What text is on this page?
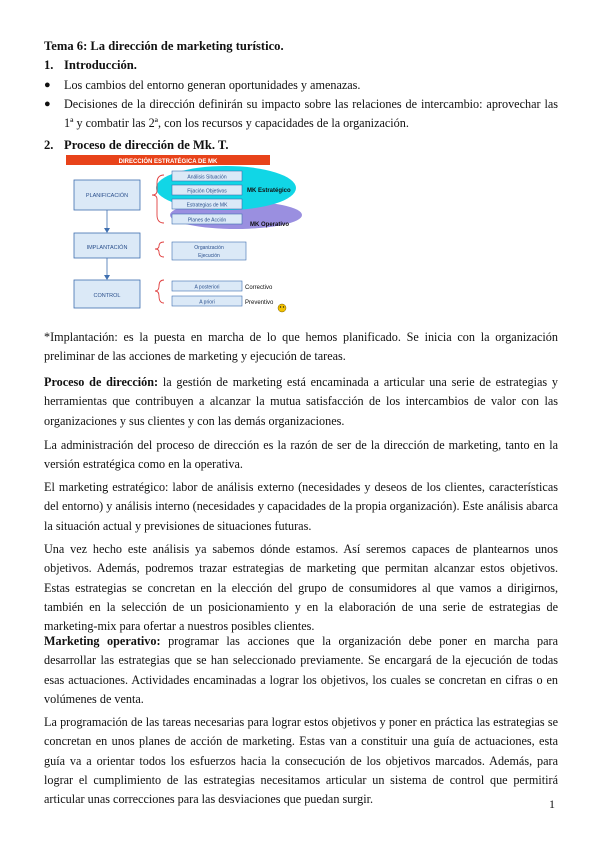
Tema 6: La dirección de marketing turístico.
1. Introducción.
● Los cambios del entorno generan oportunidades y amenazas.
● Decisiones de la dirección definirán su impacto sobre las relaciones de intercambio: aprovechar las 1ª y combatir las 2ª, con los recursos y capacidades de la organización.
2. Proceso de dirección de Mk. T.
DIRECCIÓN ESTRATÉGICA DE MK
PLANIFICACIÓN
IMPLANTACIÓN
CONTROL
Análisis Situación
Fijación Objetivos
Estrategias de MK
Planes de Acción
MK Estratégico
MK Operativo
Organización
Ejecución
A posteriori
A priori
Correctivo
Preventivo
*Implantación: es la puesta en marcha de lo que hemos planificado. Se inicia con la organización preliminar de las acciones de marketing y ejecución de tareas.
Proceso de dirección: la gestión de marketing está encaminada a articular una serie de estrategias y herramientas que contribuyen a alcanzar la mutua satisfacción de los intercambios de valor con las organizaciones y sus clientes y con las demás organizaciones.
La administración del proceso de dirección es la razón de ser de la dirección de marketing, tanto en la versión estratégica como en la operativa.
El marketing estratégico: labor de análisis externo (necesidades y deseos de los clientes, características del entorno) y análisis interno (necesidades y capacidades de la propia organización). Este análisis abarca la situación actual y previsiones de situaciones futuras.
Una vez hecho este análisis ya sabemos dónde estamos. Así seremos capaces de plantearnos unos objetivos. Además, podremos trazar estrategias de marketing que permitan alcanzar estos objetivos. Estas estrategias se concretan en la elección del grupo de consumidores al que vamos a dirigirnos, también en la selección de un posicionamiento y en la elaboración de una serie de estrategias de marketing-mix para ofertar a nuestros posibles clientes.
Marketing operativo: programar las acciones que la organización debe poner en marcha para desarrollar las estrategias que se han seleccionado previamente. Se encargará de la ejecución de todas esas actuaciones. Actividades encaminadas a lograr los objetivos, los cuales se concretan en cifras o en volúmenes de venta.
La programación de las tareas necesarias para lograr estos objetivos y poner en práctica las estrategias se concretan en unos planes de acción de marketing. Estas van a constituir una guía de actuaciones, esta guía va a orientar todos los esfuerzos hacia la consecución de los objetivos marcados. Además, para lograr el cumplimiento de las estrategias necesitamos articular un sistema de control que permitirá articular unas correcciones para las desviaciones que puedan surgir.	1
